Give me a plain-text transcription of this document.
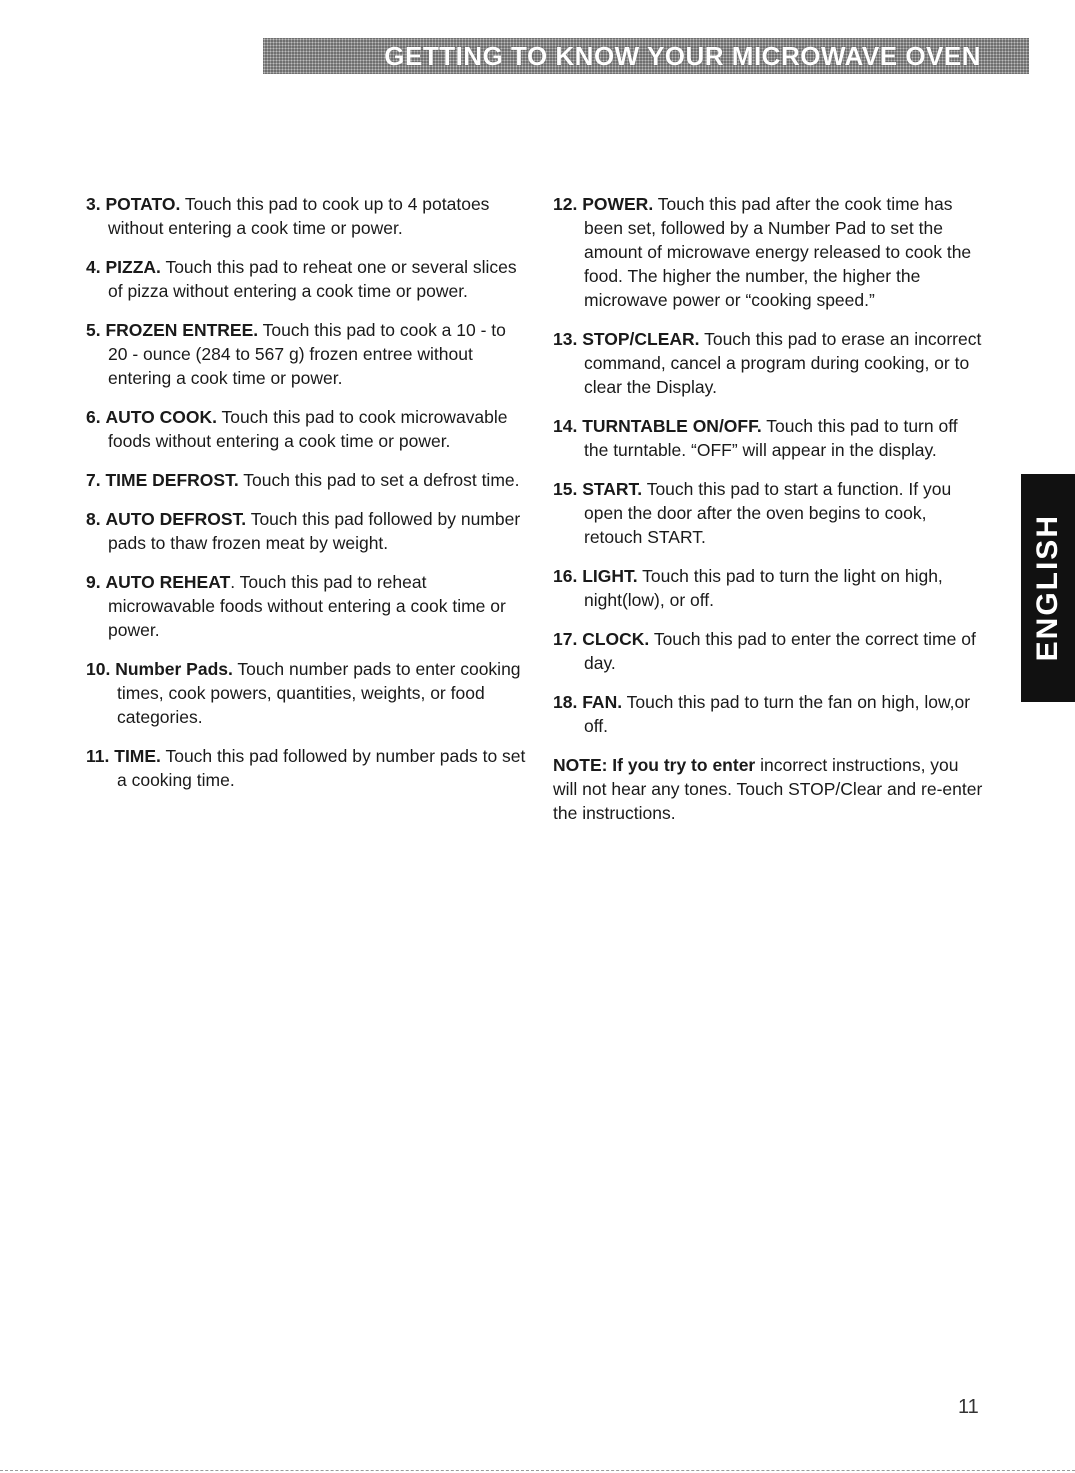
GETTING TO KNOW YOUR MICROWAVE OVEN

3. POTATO. Touch this pad to cook up to 4 potatoes without entering a cook time or power.

4. PIZZA. Touch this pad to reheat one or several slices of pizza without entering a cook time or power.

5. FROZEN ENTREE. Touch this pad to cook a 10 - to 20 - ounce (284 to 567 g) frozen entree without entering a cook time or power.

6. AUTO COOK. Touch this pad to cook microwavable foods without entering a cook time or power.

7. TIME DEFROST. Touch this pad to set a defrost time.

8. AUTO DEFROST. Touch this pad followed by number pads to thaw frozen meat by weight.

9. AUTO REHEAT. Touch this pad to reheat microwavable foods without entering a cook time or power.

10. Number Pads. Touch number pads to enter cooking times, cook powers, quantities, weights, or food categories.

11. TIME. Touch this pad followed by number pads to set a cooking time.

12. POWER. Touch this pad after the cook time has been set, followed by a Number Pad to set the amount of microwave energy released to cook the food. The higher the number, the higher the microwave power or “cooking speed.”

13. STOP/CLEAR. Touch this pad to erase an incorrect command, cancel a program during cooking, or to clear the Display.

14. TURNTABLE ON/OFF. Touch this pad to turn off the turntable. “OFF” will appear in the display.

15. START. Touch this pad to start a function. If you open the door after the oven begins to cook, retouch START.

16. LIGHT. Touch this pad to turn the light on high, night(low), or off.

17. CLOCK. Touch this pad to enter the correct time of day.

18. FAN. Touch this pad to turn the fan on high, low,or off.

NOTE: If you try to enter incorrect instructions, you will not hear any tones. Touch STOP/Clear and re-enter the instructions.

ENGLISH
11
